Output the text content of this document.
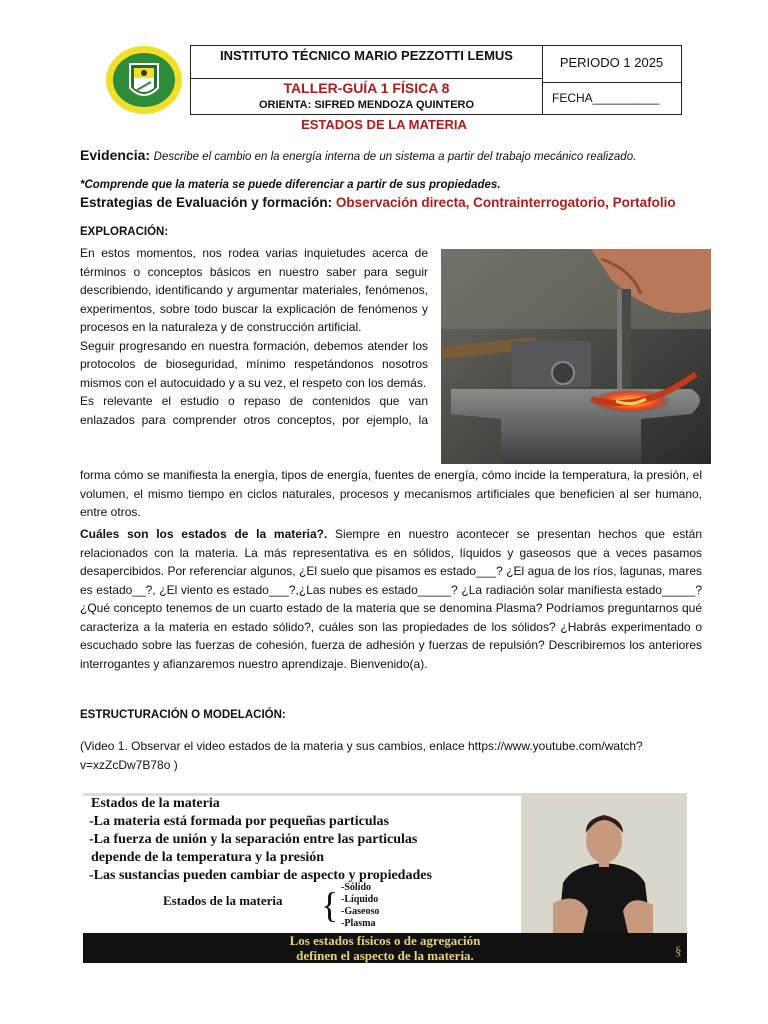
INSTITUTO TÉCNICO MARIO PEZZOTTI LEMUS
TALLER-GUÍA 1 FÍSICA 8
ORIENTA: SIFRED MENDOZA QUINTERO
PERIODO 1 2025
FECHA__________
ESTADOS DE LA MATERIA
Evidencia: Describe el cambio en la energía interna de un sistema a partir del trabajo mecánico realizado.
*Comprende que la materia se puede diferenciar a partir de sus propiedades.
Estrategias de Evaluación y formación: Observación directa, Contrainterrogatorio, Portafolio
EXPLORACIÓN:
En estos momentos, nos rodea varias inquietudes acerca de términos o conceptos básicos en nuestro saber para seguir describiendo, identificando y argumentar materiales, fenómenos, experimentos, sobre todo buscar la explicación de fenómenos y procesos en la naturaleza y de construcción artificial.
Seguir progresando en nuestra formación, debemos atender los protocolos de bioseguridad, mínimo respetándonos nosotros mismos con el autocuidado y a su vez, el respeto con los demás.
Es relevante el estudio o repaso de contenidos que van enlazados para comprender otros conceptos, por ejemplo, la
forma cómo se manifiesta la energía, tipos de energía, fuentes de energía, cómo incide la temperatura, la presión, el volumen, el mismo tiempo en ciclos naturales, procesos y mecanismos artificiales que beneficien al ser humano, entre otros.
Cuáles son los estados de la materia?. Siempre en nuestro acontecer se presentan hechos que están relacionados con la materia. La más representativa es en sólidos, líquidos y gaseosos que a veces pasamos desapercibidos. Por referenciar algunos, ¿El suelo que pisamos es estado___? ¿El agua de los ríos, lagunas, mares es estado__?, ¿El viento es estado___?,¿Las nubes es estado_____? ¿La radiación solar manifiesta estado_____? ¿Qué concepto tenemos de un cuarto estado de la materia que se denomina Plasma? Podríamos preguntarnos qué caracteriza a la materia en estado sólido?, cuáles son las propiedades de los sólidos? ¿Habrás experimentado o escuchado sobre las fuerzas de cohesión, fuerza de adhesión y fuerzas de repulsión? Describiremos los anteriores interrogantes y afianzaremos nuestro aprendizaje. Bienvenido(a).
ESTRUCTURACIÓN O MODELACIÓN:
(Video 1. Observar el video estados de la materia y sus cambios, enlace https://www.youtube.com/watch?v=xzZcDw7B78o )
Estados de la materia
-La materia está formada por pequeñas particulas
-La fuerza de unión y la separación entre las particulas
depende de la temperatura y la presión
-Las sustancias pueden cambiar de aspecto y propiedades
Estados de la materia { -Sólido
-Líquido
-Gaseoso
-Plasma
Los estados físicos o de agregación
definen el aspecto de la materia.	§
